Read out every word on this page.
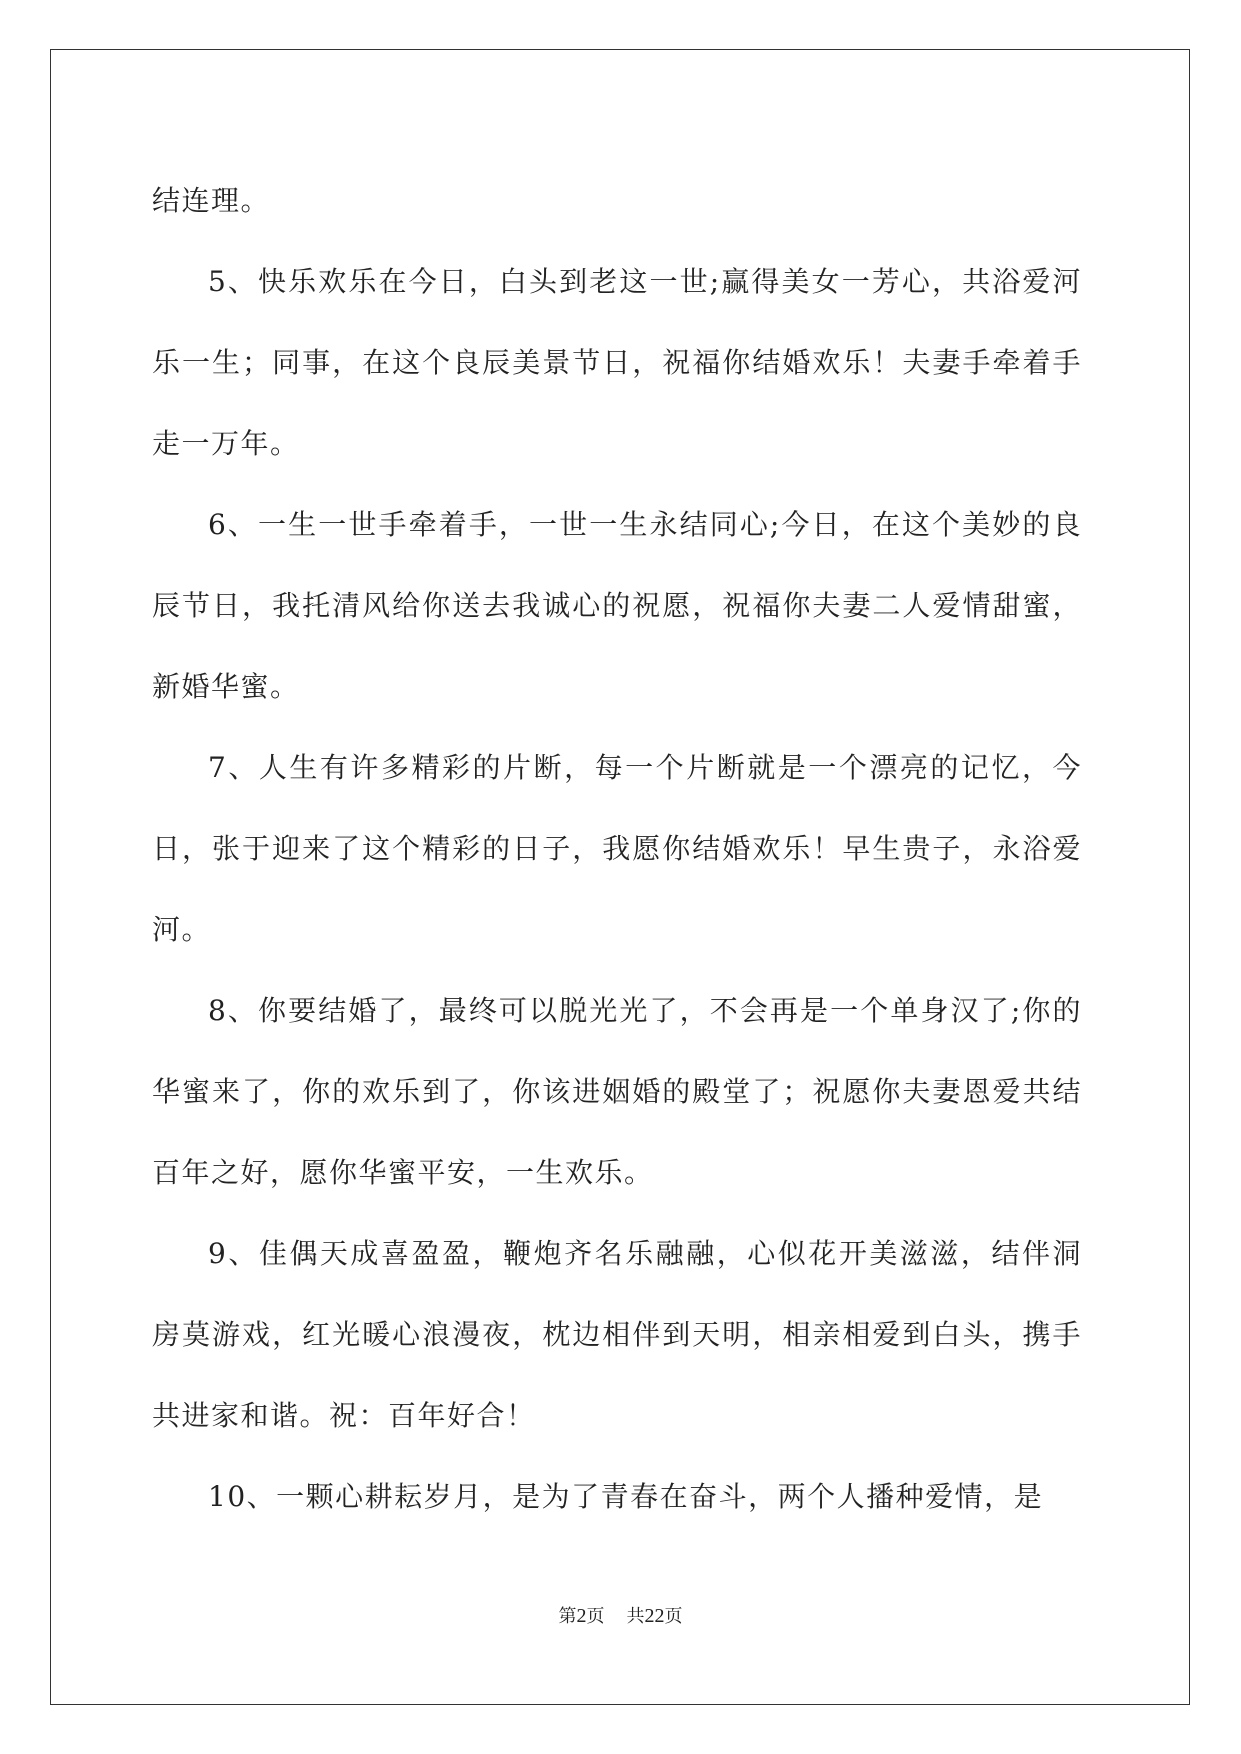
结连理。

5、快乐欢乐在今日，白头到老这一世;赢得美女一芳心，共浴爱河乐一生；同事，在这个良辰美景节日，祝福你结婚欢乐！夫妻手牵着手走一万年。

6、一生一世手牵着手，一世一生永结同心;今日，在这个美妙的良辰节日，我托清风给你送去我诚心的祝愿，祝福你夫妻二人爱情甜蜜，新婚华蜜。

7、人生有许多精彩的片断，每一个片断就是一个漂亮的记忆，今日，张于迎来了这个精彩的日子，我愿你结婚欢乐！早生贵子，永浴爱河。

8、你要结婚了，最终可以脱光光了，不会再是一个单身汉了;你的华蜜来了，你的欢乐到了，你该进姻婚的殿堂了；祝愿你夫妻恩爱共结百年之好，愿你华蜜平安，一生欢乐。

9、佳偶天成喜盈盈，鞭炮齐名乐融融，心似花开美滋滋，结伴洞房莫游戏，红光暖心浪漫夜，枕边相伴到天明，相亲相爱到白头，携手共进家和谐。祝：百年好合！

10、一颗心耕耘岁月，是为了青春在奋斗，两个人播种爱情，是

第2页 共22页
